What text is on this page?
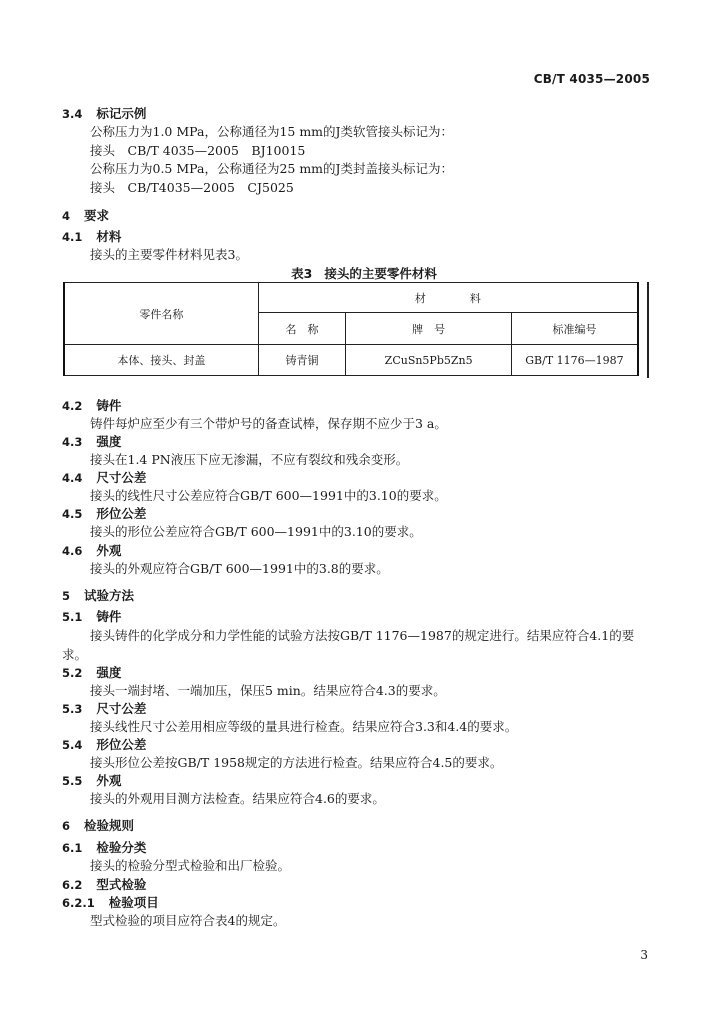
CB/T 4035—2005
3.4 标记示例
公称压力为1.0 MPa，公称通径为15 mm的J类软管接头标记为：
接头　CB/T 4035—2005　BJ10015
公称压力为0.5 MPa，公称通径为25 mm的J类封盖接头标记为：
接头　CB/T4035—2005　CJ5025
4 要求
4.1 材料
接头的主要零件材料见表3。
表3 接头的主要零件材料
零件名称	材　　　　料		
	名　称	牌　号	标准编号
本体、接头、封盖	铸青铜	ZCuSn5Pb5Zn5	GB/T 1176—1987
4.2 铸件
铸件每炉应至少有三个带炉号的备查试棒，保存期不应少于3 a。
4.3 强度
接头在1.4 PN液压下应无渗漏，不应有裂纹和残余变形。
4.4 尺寸公差
接头的线性尺寸公差应符合GB/T 600—1991中的3.10的要求。
4.5 形位公差
接头的形位公差应符合GB/T 600—1991中的3.10的要求。
4.6 外观
接头的外观应符合GB/T 600—1991中的3.8的要求。
5 试验方法
5.1 铸件
接头铸件的化学成分和力学性能的试验方法按GB/T 1176—1987的规定进行。结果应符合4.1的要
求。
5.2 强度
接头一端封堵、一端加压，保压5 min。结果应符合4.3的要求。
5.3 尺寸公差
接头线性尺寸公差用相应等级的量具进行检查。结果应符合3.3和4.4的要求。
5.4 形位公差
接头形位公差按GB/T 1958规定的方法进行检查。结果应符合4.5的要求。
5.5 外观
接头的外观用目测方法检查。结果应符合4.6的要求。
6 检验规则
6.1 检验分类
接头的检验分型式检验和出厂检验。
6.2 型式检验
6.2.1 检验项目
型式检验的项目应符合表4的规定。
3
